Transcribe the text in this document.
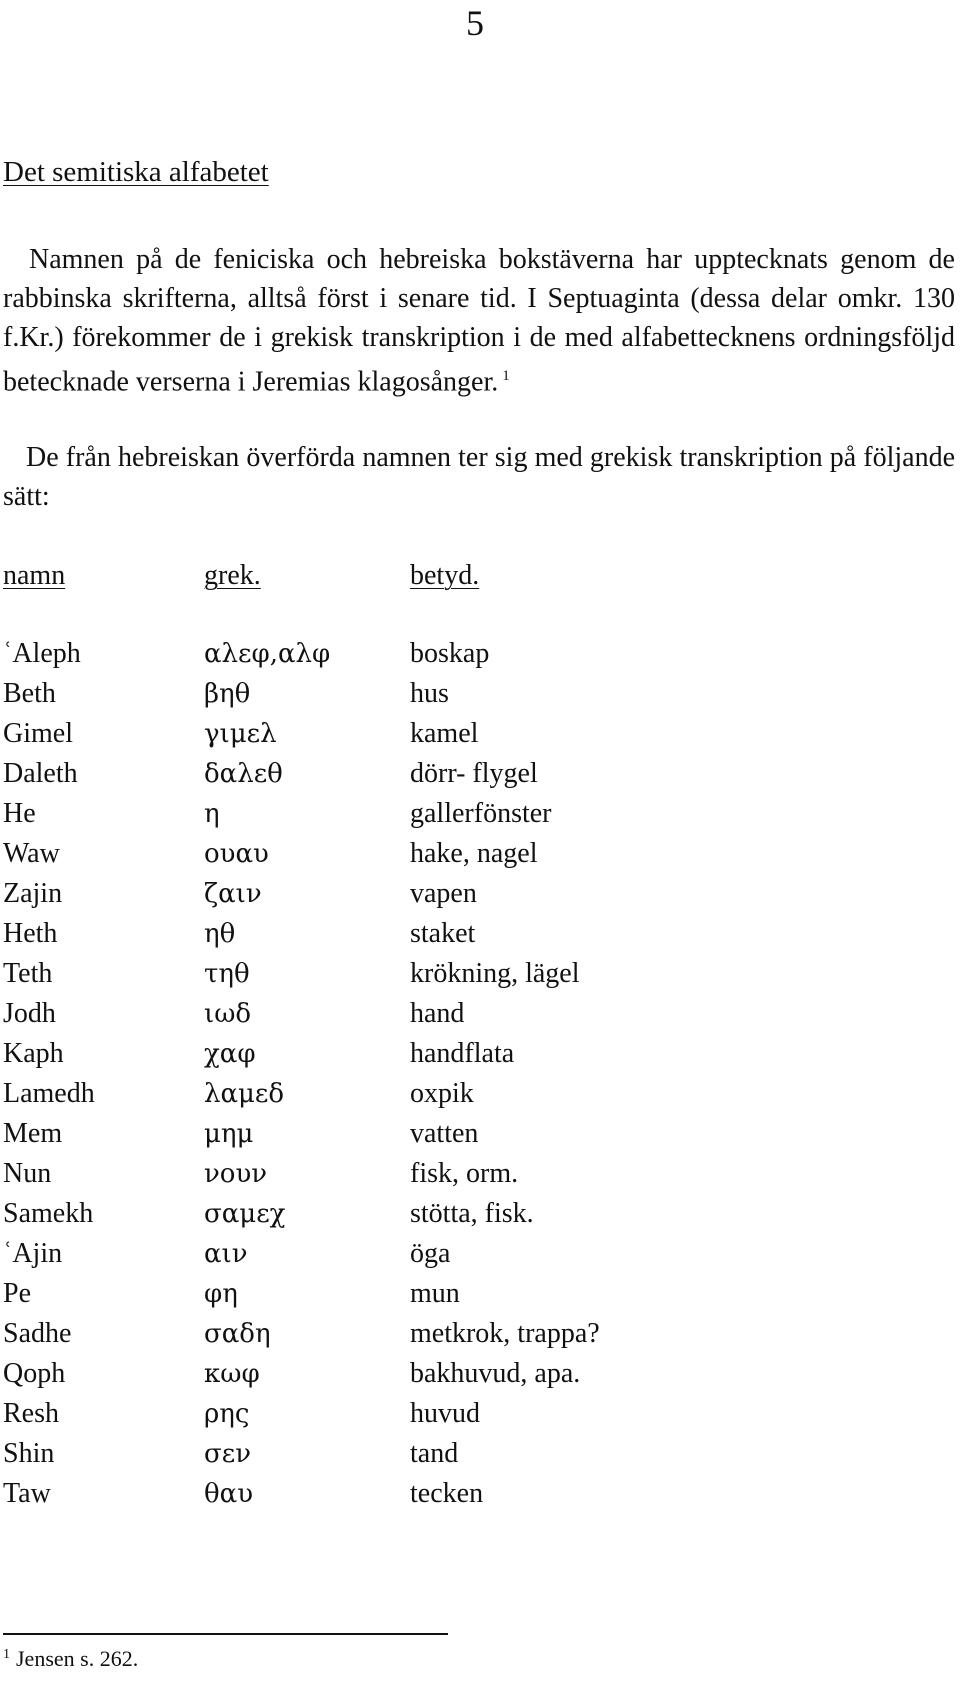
5
Det semitiska alfabetet
Namnen på de feniciska och hebreiska bokstäverna har upptecknats genom de rabbinska skrifterna, alltså först i senare tid. I Septuaginta (dessa delar omkr. 130 f.Kr.) förekommer de i grekisk transkription i de med alfabettecknens ordningsföljd betecknade verserna i Jeremias klagosånger. $^1$
De från hebreiskan överförda namnen ter sig med grekisk transkription på följande sätt:
namn	grek.	betyd.
ʿAleph	αλεφ,αλφ	boskap
Beth	βηθ	hus
Gimel	γιμελ	kamel
Daleth	δαλεθ	dörr- flygel
He	η	gallerfönster
Waw	ουαυ	hake, nagel
Zajin	ζαιν	vapen
Heth	ηθ	staket
Teth	τηθ	krökning, lägel
Jodh	ιωδ	hand
Kaph	χαφ	handflata
Lamedh	λαμεδ	oxpik
Mem	μημ	vatten
Nun	νουν	fisk, orm.
Samekh	σαμεχ	stötta, fisk.
ʿAjin	αιν	öga
Pe	φη	mun
Sadhe	σαδη	metkrok, trappa?
Qoph	κωφ	bakhuvud, apa.
Resh	ρης	huvud
Shin	σεν	tand
Taw	θαυ	tecken
$^1$ Jensen s. 262.
